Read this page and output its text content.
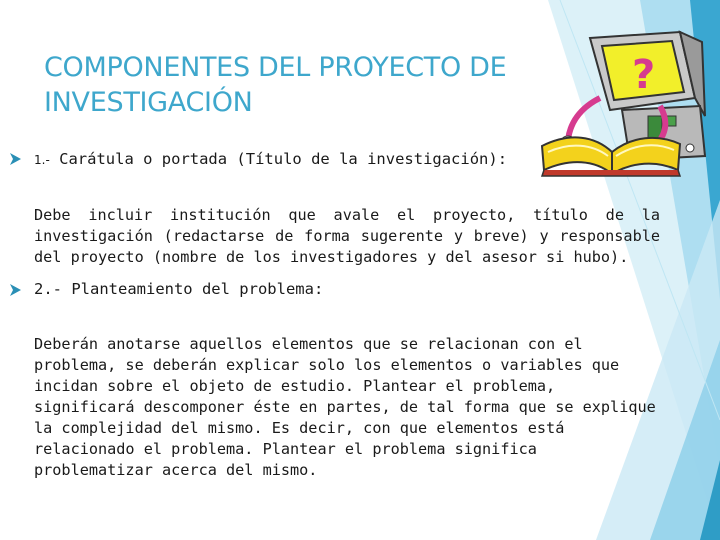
COMPONENTES DEL PROYECTO DE
INVESTIGACIÓN
?
1.- Carátula o portada (Título de la investigación):
Debe incluir institución que avale el proyecto, título de la investigación (redactarse de forma sugerente y breve) y responsable del proyecto (nombre de los investigadores y del asesor si hubo).
2.- Planteamiento del problema:
Deberán anotarse aquellos elementos que se relacionan con el problema, se deberán explicar solo los elementos o variables que incidan sobre el objeto de estudio. Plantear el problema, significará descomponer éste en partes, de tal forma que se explique la complejidad del mismo. Es decir, con que elementos está relacionado el problema. Plantear el problema significa problematizar acerca del mismo.
